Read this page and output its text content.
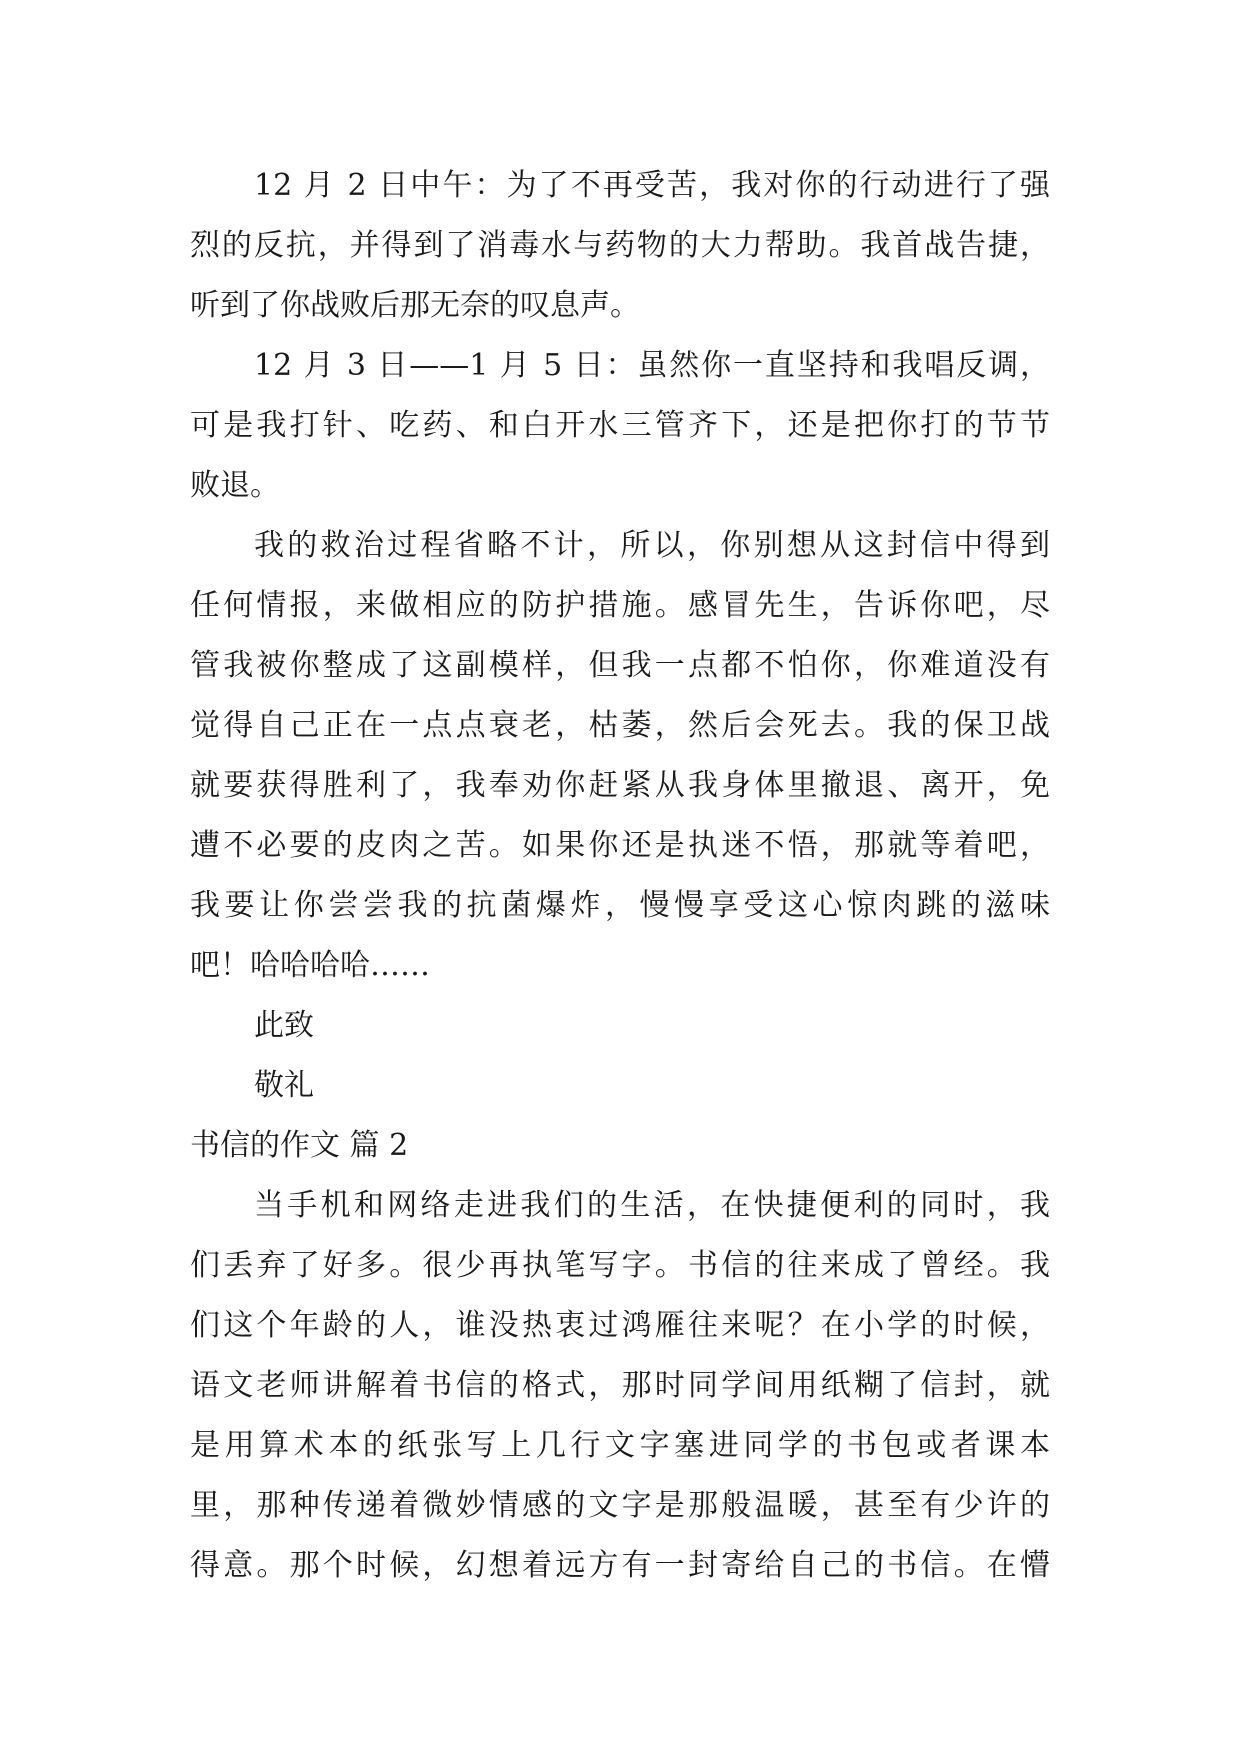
12 月 2 日中午：为了不再受苦，我对你的行动进行了强
烈的反抗，并得到了消毒水与药物的大力帮助。我首战告捷，
听到了你战败后那无奈的叹息声。
12 月 3 日——1 月 5 日：虽然你一直坚持和我唱反调，
可是我打针、吃药、和白开水三管齐下，还是把你打的节节
败退。
我的救治过程省略不计，所以，你别想从这封信中得到
任何情报，来做相应的防护措施。感冒先生，告诉你吧，尽
管我被你整成了这副模样，但我一点都不怕你，你难道没有
觉得自己正在一点点衰老，枯萎，然后会死去。我的保卫战
就要获得胜利了，我奉劝你赶紧从我身体里撤退、离开，免
遭不必要的皮肉之苦。如果你还是执迷不悟，那就等着吧，
我要让你尝尝我的抗菌爆炸，慢慢享受这心惊肉跳的滋味
吧！哈哈哈哈……
此致
敬礼
书信的作文 篇 2
当手机和网络走进我们的生活，在快捷便利的同时，我
们丢弃了好多。很少再执笔写字。书信的往来成了曾经。我
们这个年龄的人，谁没热衷过鸿雁往来呢？在小学的时候，
语文老师讲解着书信的格式，那时同学间用纸糊了信封，就
是用算术本的纸张写上几行文字塞进同学的书包或者课本
里，那种传递着微妙情感的文字是那般温暖，甚至有少许的
得意。那个时候，幻想着远方有一封寄给自己的书信。在懵
